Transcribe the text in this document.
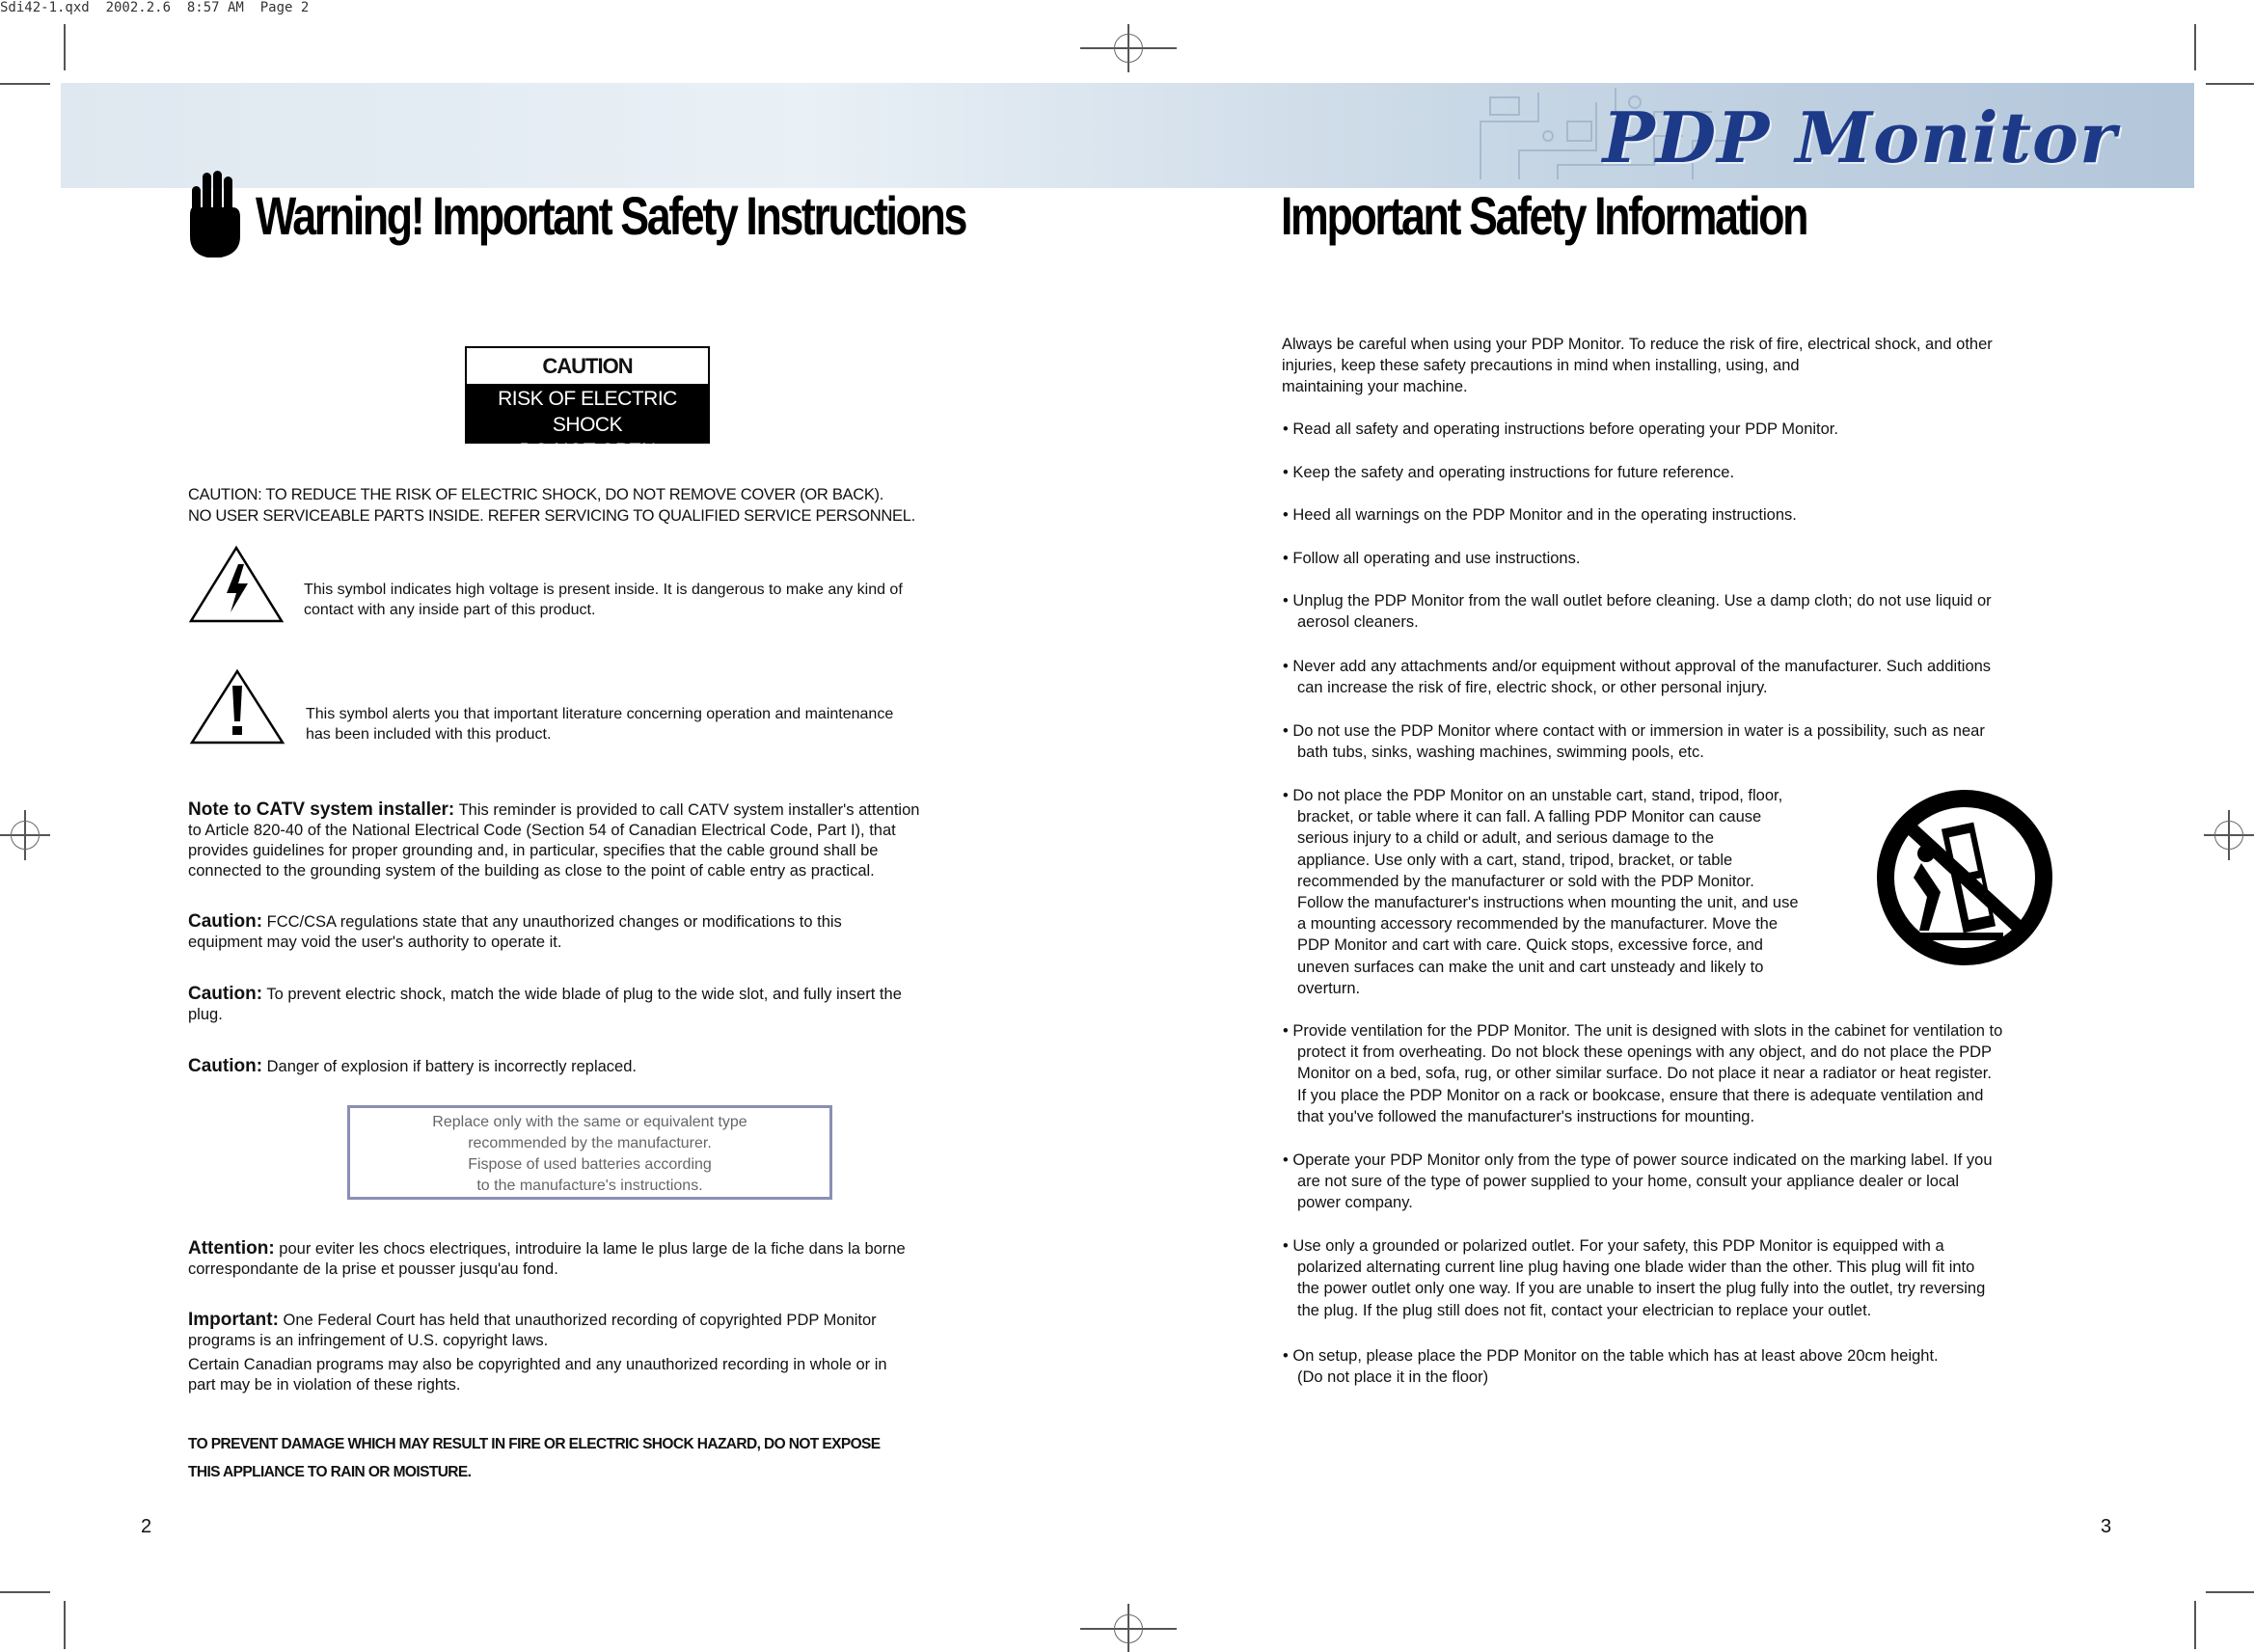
Sdi42-1.qxd  2002.2.6  8:57 AM  Page 2
PDP Monitor
Warning! Important Safety Instructions
CAUTION
RISK OF ELECTRIC SHOCK
DO NOT OPEN
CAUTION: TO REDUCE THE RISK OF ELECTRIC SHOCK, DO NOT REMOVE COVER (OR BACK).
NO USER SERVICEABLE PARTS INSIDE. REFER SERVICING TO QUALIFIED SERVICE PERSONNEL.
This symbol indicates high voltage is present inside. It is dangerous to make any kind of
contact with any inside part of this product.
This symbol alerts you that important literature concerning operation and maintenance
has been included with this product.
Note to CATV system installer: This reminder is provided to call CATV system installer's attention
to Article 820-40 of the National Electrical Code (Section 54 of Canadian Electrical Code, Part I), that
provides guidelines for proper grounding and, in particular, specifies that the cable ground shall be
connected to the grounding system of the building as close to the point of cable entry as practical.
Caution: FCC/CSA regulations state that any unauthorized changes or modifications to this
equipment may void the user's authority to operate it.
Caution: To prevent electric shock, match the wide blade of plug to the wide slot, and fully insert the
plug.
Caution: Danger of explosion if battery is incorrectly replaced.
Replace only with the same or equivalent type
recommended by the manufacturer.
Fispose of used batteries according
to the manufacture's instructions.
Attention: pour eviter les chocs electriques, introduire la lame le plus large de la fiche dans la borne
correspondante de la prise et pousser jusqu'au fond.
Important: One Federal Court has held that unauthorized recording of copyrighted PDP Monitor
programs is an infringement of U.S. copyright laws.
Certain Canadian programs may also be copyrighted and any unauthorized recording in whole or in
part may be in violation of these rights.
TO PREVENT DAMAGE WHICH MAY RESULT IN FIRE OR ELECTRIC SHOCK HAZARD, DO NOT EXPOSE
THIS APPLIANCE TO RAIN OR MOISTURE.
2
Important Safety Information
Always be careful when using your PDP Monitor. To reduce the risk of fire, electrical shock, and other
injuries, keep these safety precautions in mind when installing, using, and
maintaining your machine.
• Read all safety and operating instructions before operating your PDP Monitor.
• Keep the safety and operating instructions for future reference.
• Heed all warnings on the PDP Monitor and in the operating instructions.
• Follow all operating and use instructions.
• Unplug the PDP Monitor from the wall outlet before cleaning. Use a damp cloth; do not use liquid or
aerosol cleaners.
• Never add any attachments and/or equipment without approval of the manufacturer. Such additions
can increase the risk of fire, electric shock, or other personal injury.
• Do not use the PDP Monitor where contact with or immersion in water is a possibility, such as near
bath tubs, sinks, washing machines, swimming pools, etc.
• Do not place the PDP Monitor on an unstable cart, stand, tripod, floor,
bracket, or table where it can fall. A falling PDP Monitor can cause
serious injury to a child or adult, and serious damage to the
appliance. Use only with a cart, stand, tripod, bracket, or table
recommended by the manufacturer or sold with the PDP Monitor.
Follow the manufacturer's instructions when mounting the unit, and use
a mounting accessory recommended by the manufacturer. Move the
PDP Monitor and cart with care. Quick stops, excessive force, and
uneven surfaces can make the unit and cart unsteady and likely to
overturn.
• Provide ventilation for the PDP Monitor. The unit is designed with slots in the cabinet for ventilation to
protect it from overheating. Do not block these openings with any object, and do not place the PDP
Monitor on a bed, sofa, rug, or other similar surface. Do not place it near a radiator or heat register.
If you place the PDP Monitor on a rack or bookcase, ensure that there is adequate ventilation and
that you've followed the manufacturer's instructions for mounting.
• Operate your PDP Monitor only from the type of power source indicated on the marking label. If you
are not sure of the type of power supplied to your home, consult your appliance dealer or local
power company.
• Use only a grounded or polarized outlet. For your safety, this PDP Monitor is equipped with a
polarized alternating current line plug having one blade wider than the other. This plug will fit into
the power outlet only one way. If you are unable to insert the plug fully into the outlet, try reversing
the plug. If the plug still does not fit, contact your electrician to replace your outlet.
• On setup, please place the PDP Monitor on the table which has at least above 20cm height.
(Do not place it in the floor)
3
